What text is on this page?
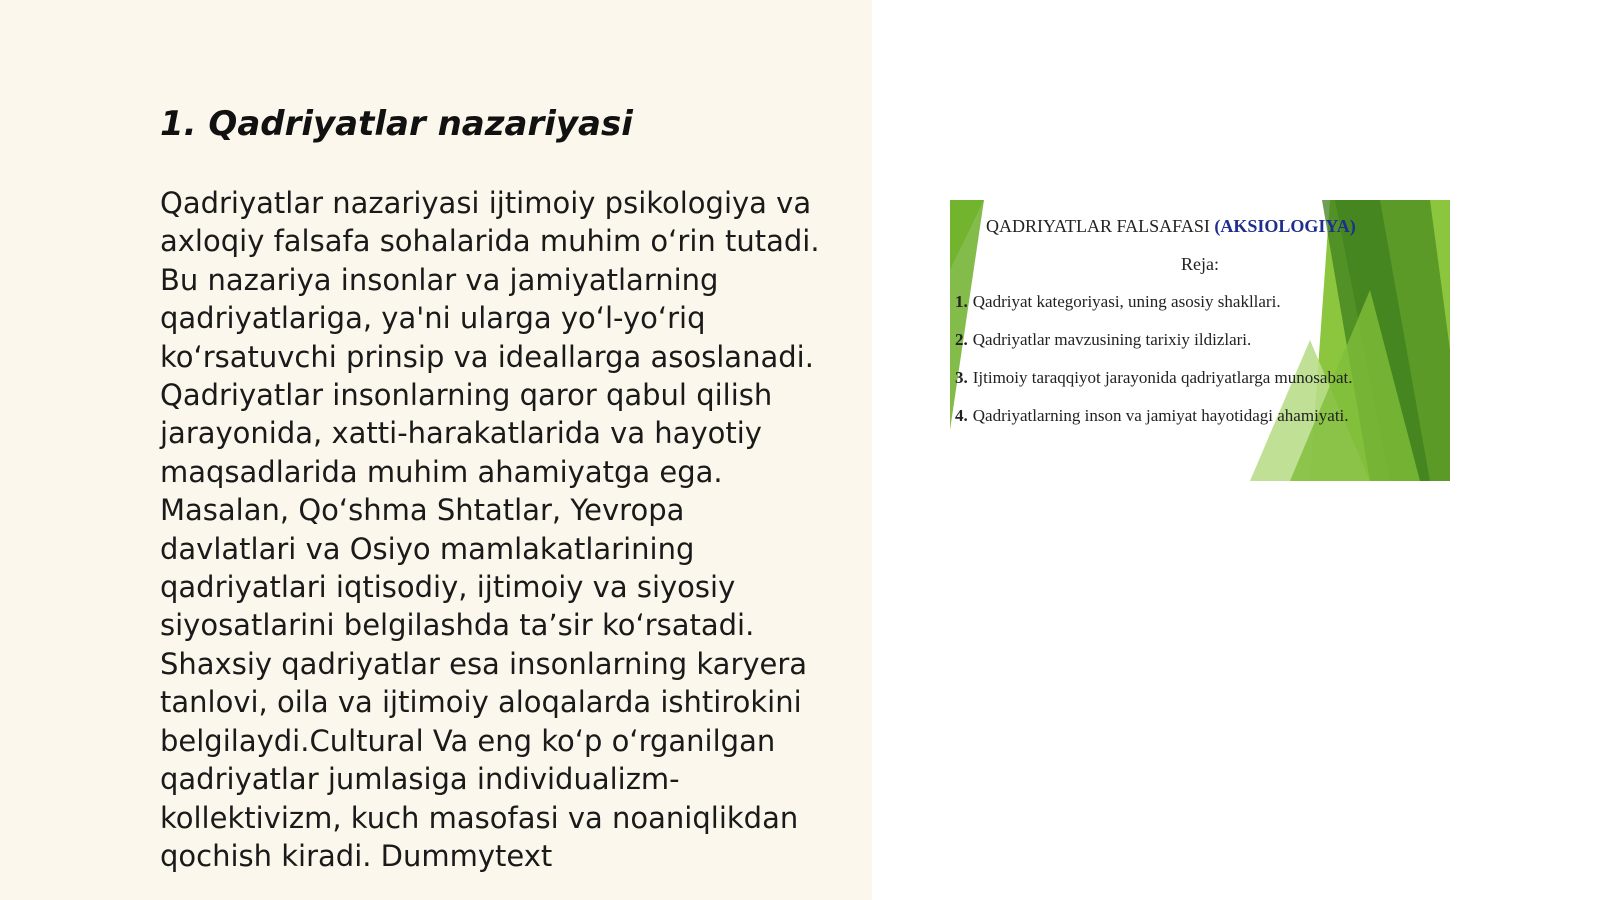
1. Qadriyatlar nazariyasi

Qadriyatlar nazariyasi ijtimoiy psikologiya va
axloqiy falsafa sohalarida muhim o‘rin tutadi.
Bu nazariya insonlar va jamiyatlarning
qadriyatlariga, ya'ni ularga yo‘l-yo‘riq
ko‘rsatuvchi prinsip va ideallarga asoslanadi.
Qadriyatlar insonlarning qaror qabul qilish
jarayonida, xatti-harakatlarida va hayotiy
maqsadlarida muhim ahamiyatga ega.
Masalan, Qo‘shma Shtatlar, Yevropa
davlatlari va Osiyo mamlakatlarining
qadriyatlari iqtisodiy, ijtimoiy va siyosiy
siyosatlarini belgilashda ta’sir ko‘rsatadi.
Shaxsiy qadriyatlar esa insonlarning karyera
tanlovi, oila va ijtimoiy aloqalarda ishtirokini
belgilaydi.Cultural Va eng ko‘p o‘rganilgan
qadriyatlar jumlasiga individualizm-
kollektivizm, kuch masofasi va noaniqlikdan
qochish kiradi. Dummytext

QADRIYATLAR FALSAFASI (AKSIOLOGIYA)
Reja:
1. Qadriyat kategoriyasi, uning asosiy shakllari.
2. Qadriyatlar mavzusining tarixiy ildizlari.
3. Ijtimoiy taraqqiyot jarayonida qadriyatlarga munosabat.
4. Qadriyatlarning inson va jamiyat hayotidagi ahamiyati.
